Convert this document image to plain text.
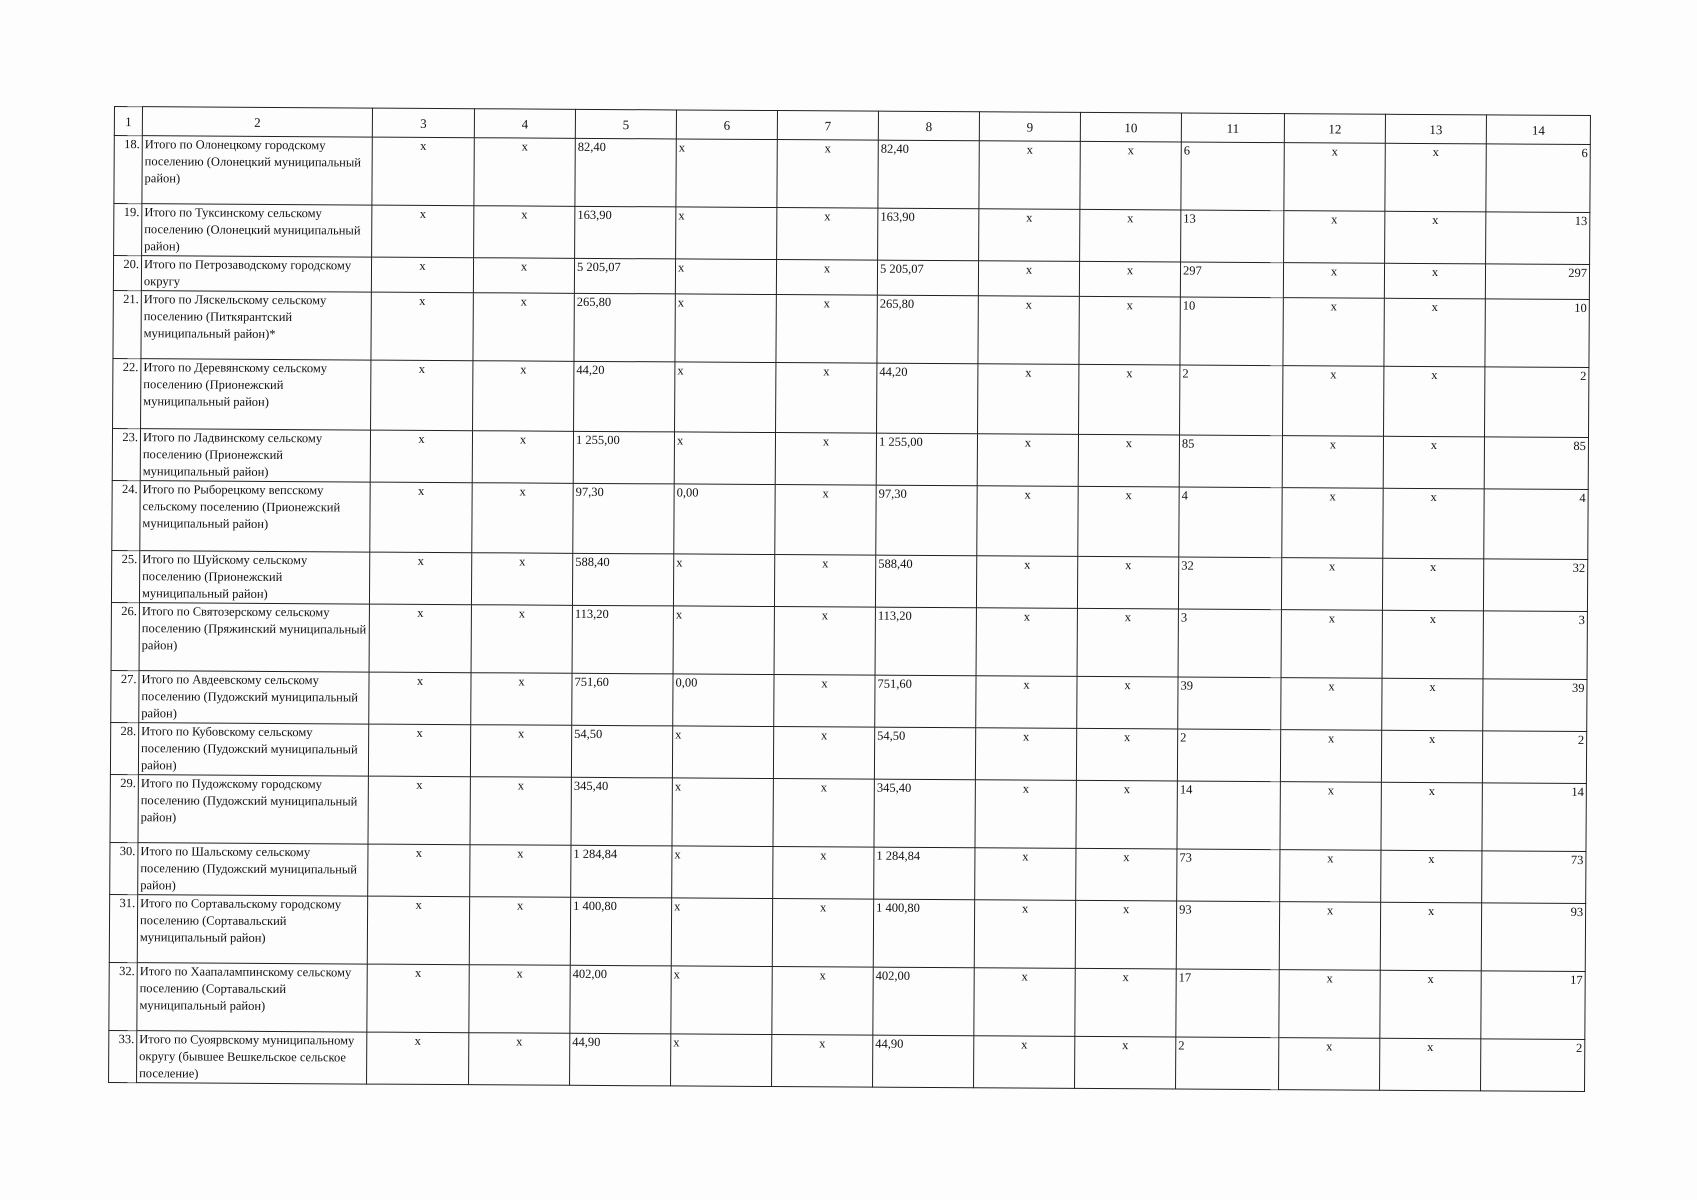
1	2	3	4	5	6	7	8	9	10	11	12	13	14
18.	Итого по Олонецкому городскому поселению (Олонецкий муниципальный район)	x	x	82,40	x	x	82,40	x	x	6	x	x	6
19.	Итого по Туксинскому сельскому поселению (Олонецкий муниципальный район)	x	x	163,90	x	x	163,90	x	x	13	x	x	13
20.	Итого по Петрозаводскому городскому округу	x	x	5 205,07	x	x	5 205,07	x	x	297	x	x	297
21.	Итого по Ляскельскому сельскому поселению (Питкярантский муниципальный район)*	x	x	265,80	x	x	265,80	x	x	10	x	x	10
22.	Итого по Деревянскому сельскому поселению (Прионежский муниципальный район)	x	x	44,20	x	x	44,20	x	x	2	x	x	2
23.	Итого по Ладвинскому сельскому поселению (Прионежский муниципальный район)	x	x	1 255,00	x	x	1 255,00	x	x	85	x	x	85
24.	Итого по Рыборецкому вепсскому сельскому поселению (Прионежский муниципальный район)	x	x	97,30	0,00	x	97,30	x	x	4	x	x	4
25.	Итого по Шуйскому сельскому поселению (Прионежский муниципальный район)	x	x	588,40	x	x	588,40	x	x	32	x	x	32
26.	Итого по Святозерскому сельскому поселению (Пряжинский муниципальный район)	x	x	113,20	x	x	113,20	x	x	3	x	x	3
27.	Итого по Авдеевскому сельскому поселению (Пудожский муниципальный район)	x	x	751,60	0,00	x	751,60	x	x	39	x	x	39
28.	Итого по Кубовскому сельскому поселению (Пудожский муниципальный район)	x	x	54,50	x	x	54,50	x	x	2	x	x	2
29.	Итого по Пудожскому городскому поселению (Пудожский муниципальный район)	x	x	345,40	x	x	345,40	x	x	14	x	x	14
30.	Итого по Шальскому сельскому поселению (Пудожский муниципальный район)	x	x	1 284,84	x	x	1 284,84	x	x	73	x	x	73
31.	Итого по Сортавальскому городскому поселению (Сортавальский муниципальный район)	x	x	1 400,80	x	x	1 400,80	x	x	93	x	x	93
32.	Итого по Хаапалампинскому сельскому поселению (Сортавальский муниципальный район)	x	x	402,00	x	x	402,00	x	x	17	x	x	17
33.	Итого по Суоярвскому муниципальному округу (бывшее Вешкельское сельское поселение)	x	x	44,90	x	x	44,90	x	x	2	x	x	2
